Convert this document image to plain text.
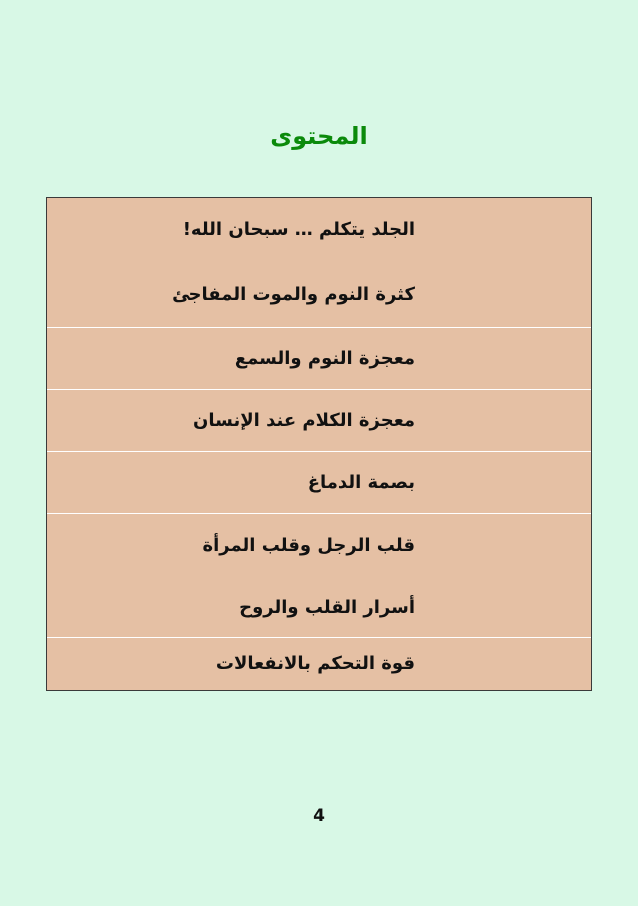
المحتوى
الجلد يتكلم … سبحان الله!
كثرة النوم والموت المفاجئ
معجزة النوم والسمع
معجزة الكلام عند الإنسان
بصمة الدماغ
قلب الرجل وقلب المرأة
أسرار القلب والروح
قوة التحكم بالانفعالات
4
